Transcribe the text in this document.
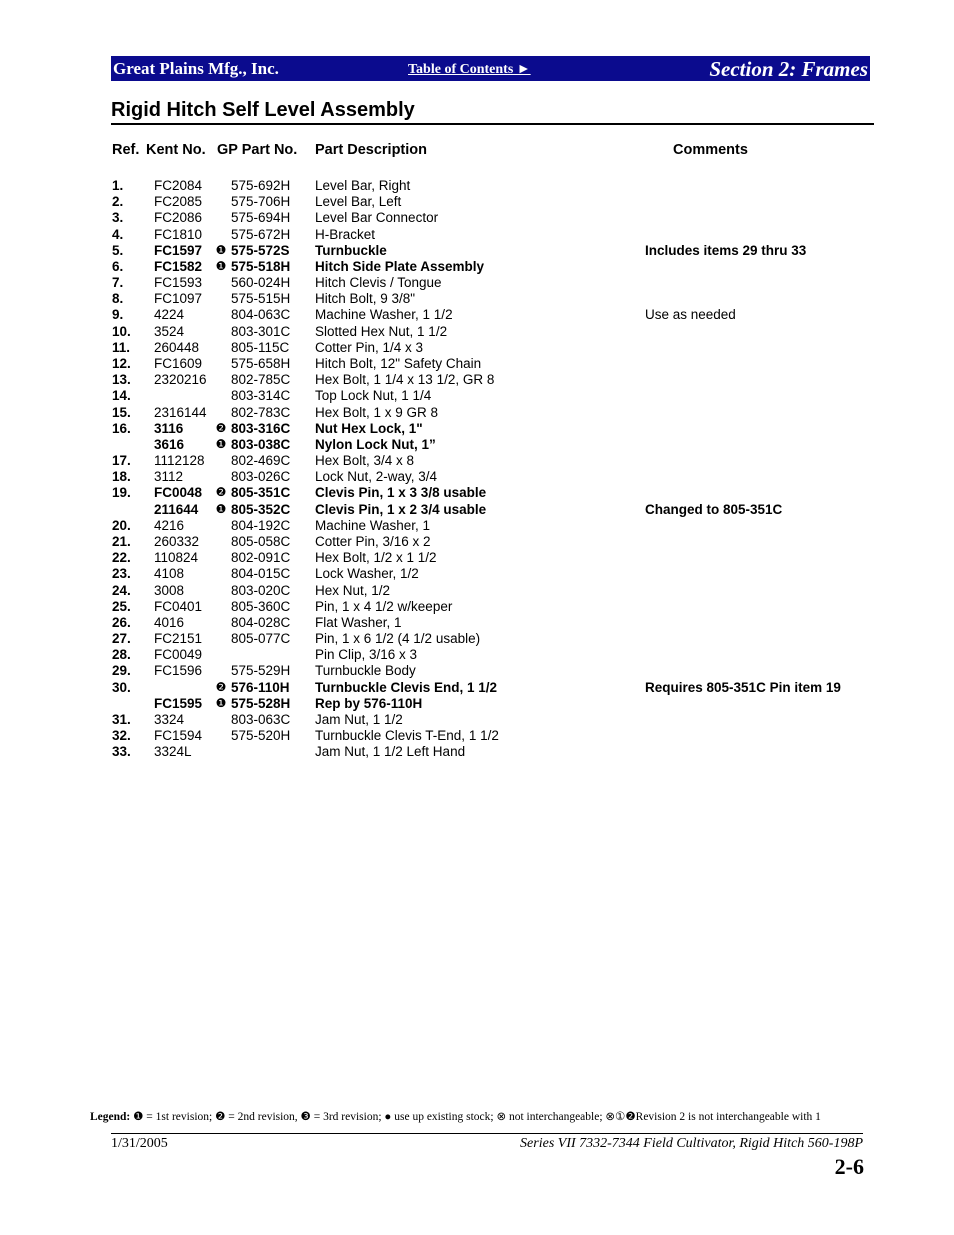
Great Plains Mfg., Inc.	Table of Contents ►	Section 2: Frames
Rigid Hitch Self Level Assembly
Ref. Kent No. GP Part No. Part Description	Comments
1. FC2084 575-692H Level Bar, Right
2. FC2085 575-706H Level Bar, Left
3. FC2086 575-694H Level Bar Connector
4. FC1810 575-672H H-Bracket
5. FC1597 ❶ 575-572S Turnbuckle	Includes items 29 thru 33
6. FC1582 ❶ 575-518H Hitch Side Plate Assembly
7. FC1593 560-024H Hitch Clevis / Tongue
8. FC1097 575-515H Hitch Bolt, 9 3/8"
9. 4224	804-063C Machine Washer, 1 1/2	Use as needed
10. 3524	803-301C Slotted Hex Nut, 1 1/2
11. 260448 805-115C Cotter Pin, 1/4 x 3
12. FC1609 575-658H Hitch Bolt, 12" Safety Chain
13. 2320216 802-785C Hex Bolt, 1 1/4 x 13 1/2, GR 8
14.	803-314C Top Lock Nut, 1 1/4
15. 2316144 802-783C Hex Bolt, 1 x 9 GR 8
16. 3116	❷ 803-316C Nut Hex Lock, 1"
3616	❶ 803-038C Nylon Lock Nut, 1”
17. 1112128 802-469C Hex Bolt, 3/4 x 8
18. 3112	803-026C Lock Nut, 2-way, 3/4
19. FC0048 ❷ 805-351C Clevis Pin, 1 x 3 3/8 usable
211644 ❶ 805-352C Clevis Pin, 1 x 2 3/4 usable	Changed to 805-351C
20. 4216	804-192C Machine Washer, 1
21. 260332 805-058C Cotter Pin, 3/16 x 2
22. 110824 802-091C Hex Bolt, 1/2 x 1 1/2
23. 4108	804-015C Lock Washer, 1/2
24. 3008	803-020C Hex Nut, 1/2
25. FC0401 805-360C Pin, 1 x 4 1/2 w/keeper
26. 4016	804-028C Flat Washer, 1
27. FC2151 805-077C Pin, 1 x 6 1/2 (4 1/2 usable)
28. FC0049	Pin Clip, 3/16 x 3
29. FC1596 575-529H Turnbuckle Body
30.	❷ 576-110H Turnbuckle Clevis End, 1 1/2	Requires 805-351C Pin item 19
FC1595 ❶ 575-528H Rep by 576-110H
31. 3324	803-063C Jam Nut, 1 1/2
32. FC1594 575-520H Turnbuckle Clevis T-End, 1 1/2
33. 3324L	Jam Nut, 1 1/2 Left Hand
Legend: ❶ = 1st revision; ❷ = 2nd revision, ❸ = 3rd revision; ● use up existing stock; ⊗ not interchangeable; ⊗①❷Revision 2 is not interchangeable with 1
1/31/2005	Series VII 7332-7344 Field Cultivator, Rigid Hitch 560-198P
2-6
